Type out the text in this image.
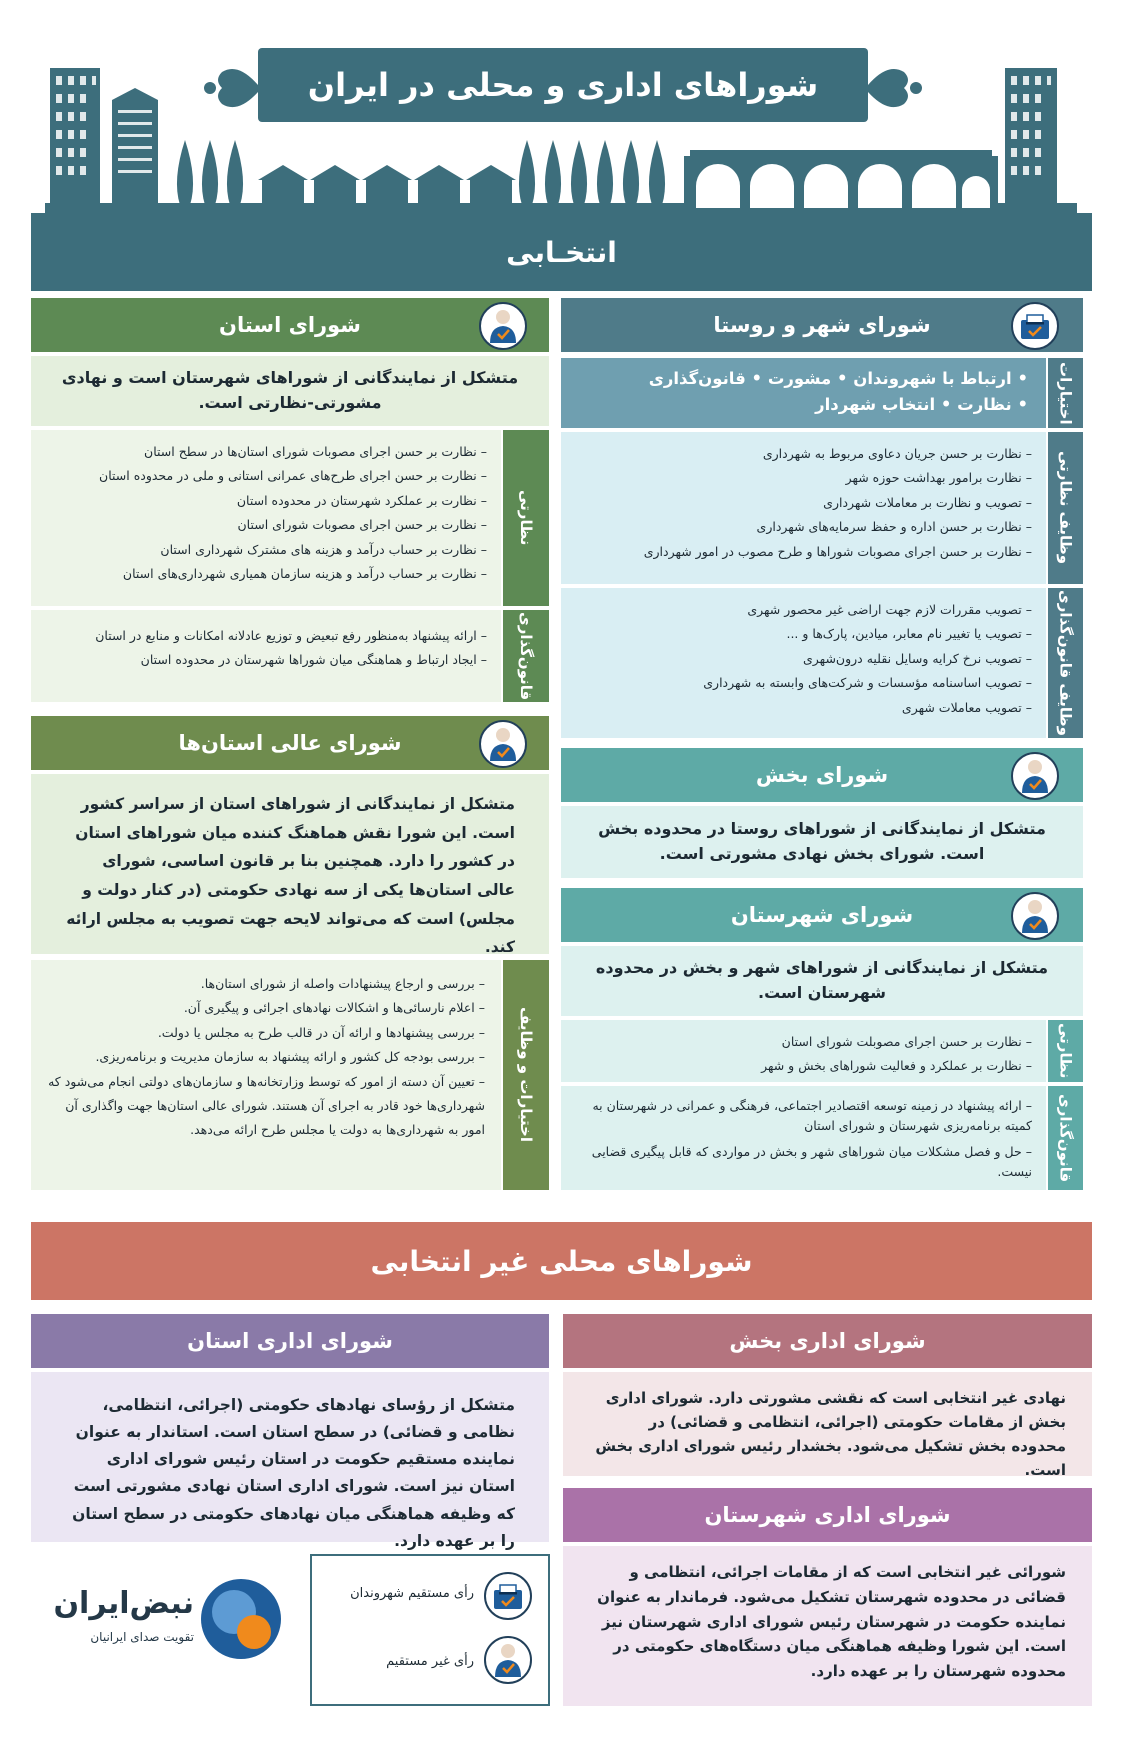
شوراهای اداری و محلی در ایران
انتخـابی
شورای شهر و روستا
اختیارات
• ارتباط با شهروندان • مشورت • قانون‌گذاری
• نظارت • انتخاب شهردار
وظایف نظارتی
– نظارت بر حسن جریان دعاوی مربوط به شهرداری
– نظارت برامور بهداشت حوزه شهر
– تصویب و نظارت بر معاملات شهرداری
– نظارت بر حسن اداره و حفظ سرمایه‌های شهرداری
– نظارت بر حسن اجرای مصوبات شوراها و طرح مصوب در امور شهرداری
وظایف قانون‌گذاری
– تصویب مقررات لازم جهت اراضی غیر محصور شهری
– تصویب یا تغییر نام معابر، میادین، پارک‌ها و ...
– تصویب نرخ کرایه وسایل نقلیه درون‌شهری
– تصویب اساسنامه مؤسسات و شرکت‌های وابسته به شهرداری
– تصویب معاملات شهری
شورای بخش
متشکل از نمایندگانی از شوراهای روستا در محدوده بخش است. شورای بخش نهادی مشورتی است.
شورای شهرستان
متشکل از نمایندگانی از شوراهای شهر و بخش در محدوده شهرستان است.
نظارتی
– نظارت بر حسن اجرای مصوبلت شورای استان
– نظارت بر عملکرد و فعالیت شوراهای بخش و شهر
قانون‌گذاری
– ارائه پیشنهاد در زمینه توسعه اقتصادیر اجتماعی، فرهنگی و عمرانی در شهرستان به کمیته برنامه‌ریزی شهرستان و شورای استان
– حل و فصل مشکلات میان شوراهای شهر و بخش در مواردی که قابل پیگیری قضایی نیست.
شورای استان
متشکل از نمایندگانی از شوراهای شهرستان است و نهادی مشورتی-نظارتی است.
نظارتی
– نظارت بر حسن اجرای مصوبات شورای استان‌ها در سطح استان
– نظارت بر حسن اجرای طرح‌های عمرانی استانی و ملی در محدوده استان
– نظارت بر عملکرد شهرستان در محدوده استان
– نظارت بر حسن اجرای مصوبات شورای استان
– نظارت بر حساب درآمد و هزینه های مشترک شهرداری استان
– نظارت بر حساب درآمد و هزینه سازمان همیاری شهرداری‌های استان
قانون‌گذاری
– ارائه پیشنهاد به‌منظور رفع تبعیض و توزیع عادلانه امکانات و منابع در استان
– ایجاد ارتباط و هماهنگی میان شوراها شهرستان در محدوده استان
شورای عالی استان‌ها
متشکل از نمایندگانی از شوراهای استان از سراسر کشور است. این شورا نقش هماهنگ کننده میان شوراهای استان در کشور را دارد. همچنین بنا بر قانون اساسی، شورای عالی استان‌ها یکی از سه نهادی حکومتی (در کنار دولت و مجلس) است که می‌تواند لایحه جهت تصویب به مجلس ارائه کند.
اختیارات و وظایف
– بررسی و ارجاع پیشنهادات واصله از شورای استان‌ها.
– اعلام نارسائی‌ها و اشکالات نهادهای اجرائی و پیگیری آن.
– بررسی پیشنهادها و ارائه آن در قالب طرح به مجلس یا دولت.
– بررسی بودجه کل کشور و ارائه پیشنهاد به سازمان مدیریت و برنامه‌ریزی.
– تعیین آن دسته از امور که توسط وزارتخانه‌ها و سازمان‌های دولتی انجام می‌شود که شهرداری‌ها خود قادر به اجرای آن هستند. شورای عالی استان‌ها جهت واگذاری آن امور به شهرداری‌ها به دولت یا مجلس طرح ارائه می‌دهد.
شوراهای محلی غیر انتخابی
شورای اداری استان
متشکل از رؤسای نهادهای حکومتی (اجرائی، انتظامی، نظامی و قضائی) در سطح استان است. استاندار به عنوان نماینده مستقیم حکومت در استان رئیس شورای اداری استان نیز است. شورای اداری استان نهادی مشورتی است که وظیفه هماهنگی میان نهادهای حکومتی در سطح استان را بر عهده دارد.
شورای اداری بخش
نهادی غیر انتخابی است که نقشی مشورتی دارد. شورای اداری بخش از مقامات حکومتی (اجرائی، انتظامی و قضائی) در محدوده بخش تشکیل می‌شود. بخشدار رئیس شورای اداری بخش است.
شورای اداری شهرستان
شورائی غیر انتخابی است که از مقامات اجرائی، انتظامی و قضائی در محدوده شهرستان تشکیل می‌شود. فرماندار به عنوان نماینده حکومت در شهرستان رئیس شورای اداری شهرستان نیز است. این شورا وظیفه هماهنگی میان دستگاه‌های حکومتی در محدوده شهرستان را بر عهده دارد.
رأی مستقیم شهروندان
رأی غیر مستقیم
نبض‌ایران
تقویت صدای ایرانیان
